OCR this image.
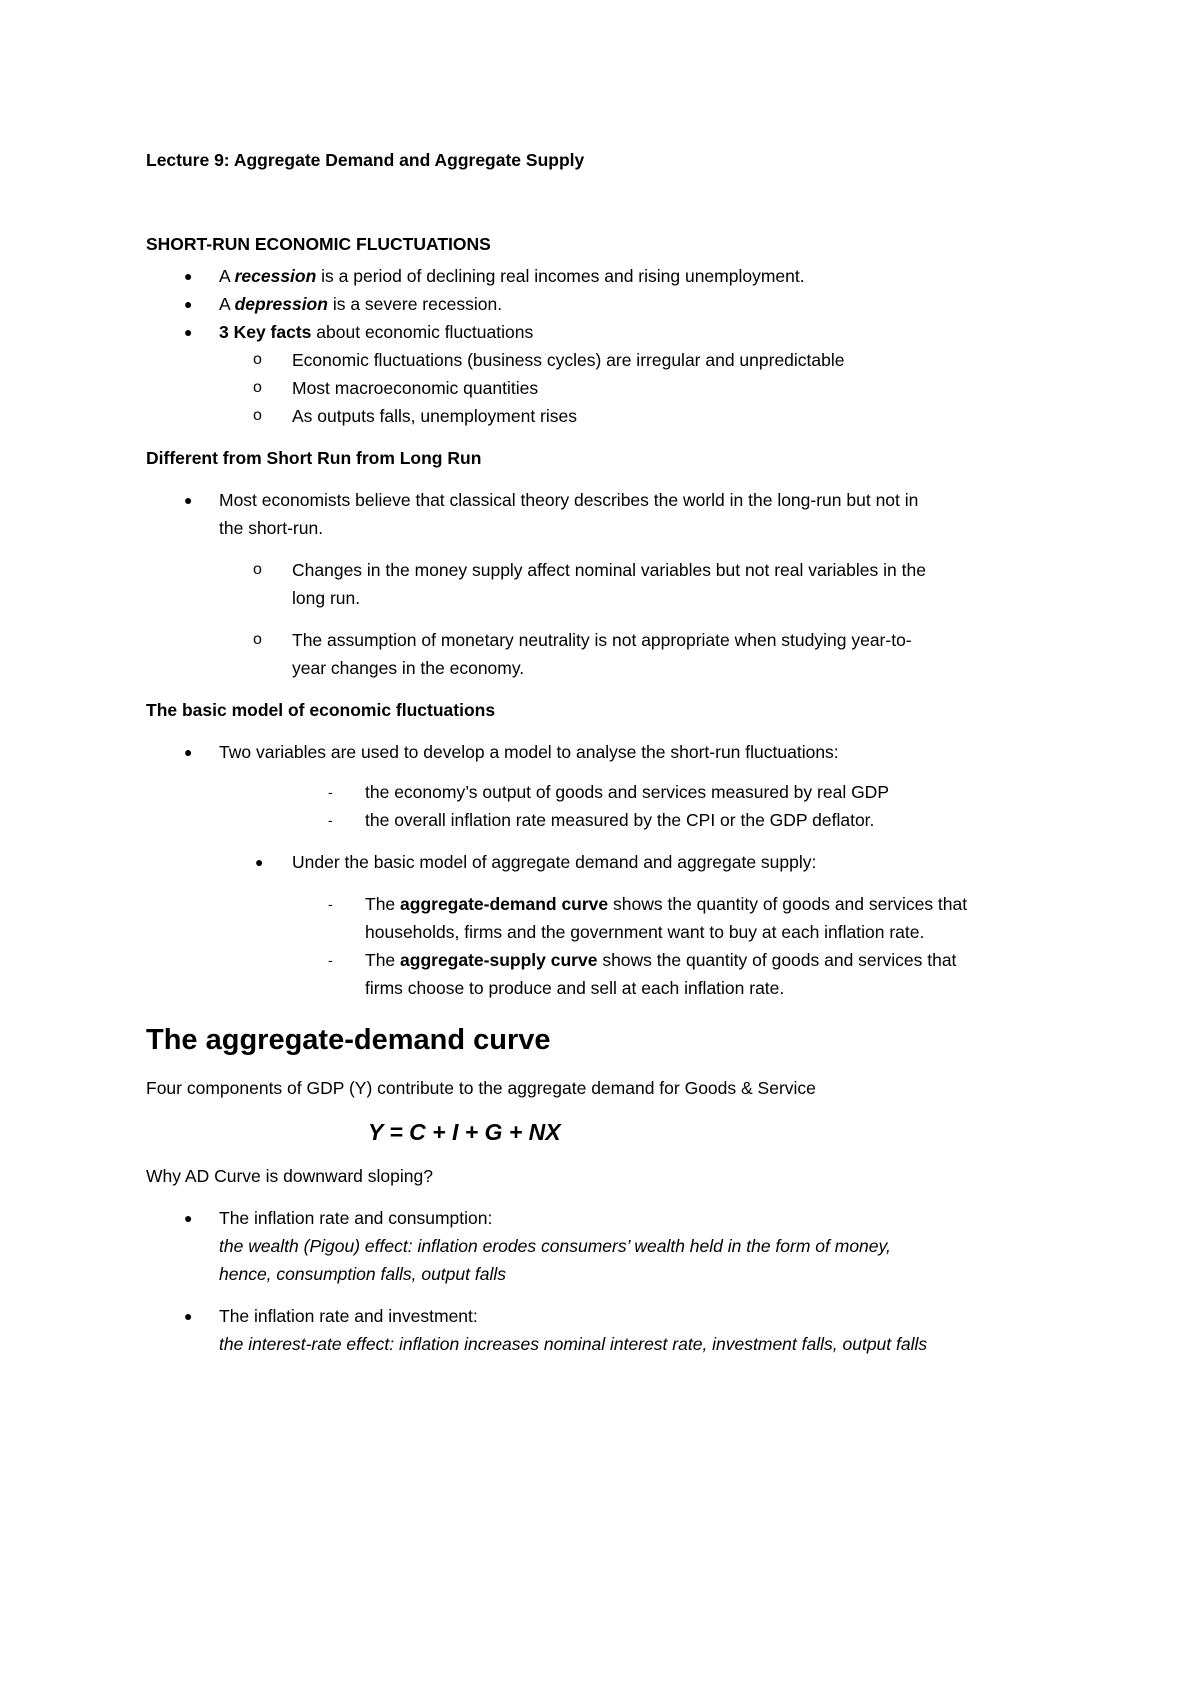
Lecture 9: Aggregate Demand and Aggregate Supply

SHORT-RUN ECONOMIC FLUCTUATIONS

● A recession is a period of declining real incomes and rising unemployment.
● A depression is a severe recession.
● 3 Key facts about economic fluctuations
o Economic fluctuations (business cycles) are irregular and unpredictable
o Most macroeconomic quantities
o As outputs falls, unemployment rises

Different from Short Run from Long Run

● Most economists believe that classical theory describes the world in the long-run but not in
the short-run.
o Changes in the money supply affect nominal variables but not real variables in the
long run.
o The assumption of monetary neutrality is not appropriate when studying year-to-
year changes in the economy.

The basic model of economic fluctuations

● Two variables are used to develop a model to analyse the short-run fluctuations:
- the economy’s output of goods and services measured by real GDP
- the overall inflation rate measured by the CPI or the GDP deflator.
● Under the basic model of aggregate demand and aggregate supply:
- The aggregate-demand curve shows the quantity of goods and services that
households, firms and the government want to buy at each inflation rate.
- The aggregate-supply curve shows the quantity of goods and services that
firms choose to produce and sell at each inflation rate.

The aggregate-demand curve

Four components of GDP (Y) contribute to the aggregate demand for Goods & Service
Y = C + I + G + NX
Why AD Curve is downward sloping?
● The inflation rate and consumption:
the wealth (Pigou) effect: inflation erodes consumers’ wealth held in the form of money,
hence, consumption falls, output falls
● The inflation rate and investment:
the interest-rate effect: inflation increases nominal interest rate, investment falls, output falls
